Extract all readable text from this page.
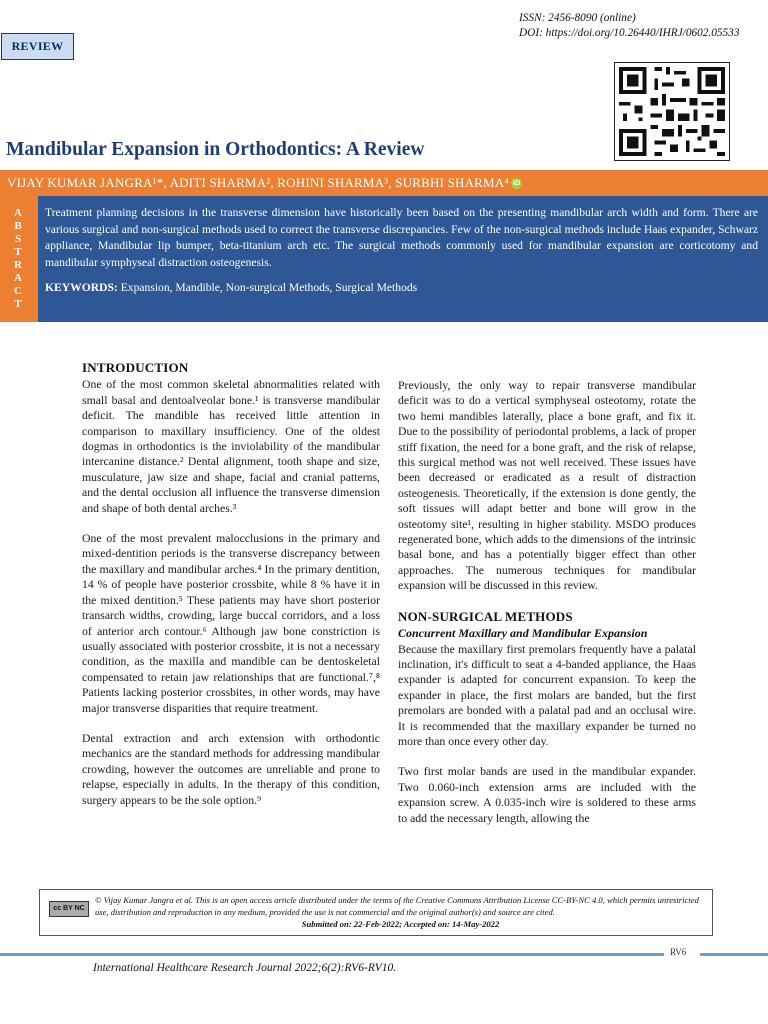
REVIEW
ISSN: 2456-8090 (online)
DOI: https://doi.org/10.26440/IHRJ/0602.05533
Mandibular Expansion in Orthodontics: A Review
VIJAY KUMAR JANGRA¹*, ADITI SHARMA², ROHINI SHARMA³, SURBHI SHARMA⁴ iD
A
B
S
T
R
A
C
T
Treatment planning decisions in the transverse dimension have historically been based on the presenting mandibular arch width and form. There are various surgical and non-surgical methods used to correct the transverse discrepancies. Few of the non-surgical methods include Haas expander, Schwarz appliance, Mandibular lip bumper, beta-titanium arch etc. The surgical methods commonly used for mandibular expansion are corticotomy and mandibular symphyseal distraction osteogenesis.
KEYWORDS: Expansion, Mandible, Non-surgical Methods, Surgical Methods
INTRODUCTION

One of the most common skeletal abnormalities related with small basal and dentoalveolar bone.¹ is transverse mandibular deficit. The mandible has received little attention in comparison to maxillary insufficiency. One of the oldest dogmas in orthodontics is the inviolability of the mandibular intercanine distance.² Dental alignment, tooth shape and size, musculature, jaw size and shape, facial and cranial patterns, and the dental occlusion all influence the transverse dimension and shape of both dental arches.³

One of the most prevalent malocclusions in the primary and mixed-dentition periods is the transverse discrepancy between the maxillary and mandibular arches.⁴ In the primary dentition, 14 % of people have posterior crossbite, while 8 % have it in the mixed dentition.⁵ These patients may have short posterior transarch widths, crowding, large buccal corridors, and a loss of anterior arch contour.⁶ Although jaw bone constriction is usually associated with posterior crossbite, it is not a necessary condition, as the maxilla and mandible can be dentoskeletal compensated to retain jaw relationships that are functional.⁷,⁸ Patients lacking posterior crossbites, in other words, may have major transverse disparities that require treatment.

Dental extraction and arch extension with orthodontic mechanics are the standard methods for addressing mandibular crowding, however the outcomes are unreliable and prone to relapse, especially in adults. In the therapy of this condition, surgery appears to be the sole option.⁹

Previously, the only way to repair transverse mandibular deficit was to do a vertical symphyseal osteotomy, rotate the two hemi mandibles laterally, place a bone graft, and fix it. Due to the possibility of periodontal problems, a lack of proper stiff fixation, the need for a bone graft, and the risk of relapse, this surgical method was not well received. These issues have been decreased or eradicated as a result of distraction osteogenesis. Theoretically, if the extension is done gently, the soft tissues will adapt better and bone will grow in the osteotomy site¹, resulting in higher stability. MSDO produces regenerated bone, which adds to the dimensions of the intrinsic basal bone, and has a potentially bigger effect than other approaches. The numerous techniques for mandibular expansion will be discussed in this review.

NON-SURGICAL METHODS
Concurrent Maxillary and Mandibular Expansion

Because the maxillary first premolars frequently have a palatal inclination, it's difficult to seat a 4-banded appliance, the Haas expander is adapted for concurrent expansion. To keep the expander in place, the first molars are banded, but the first premolars are bonded with a palatal pad and an occlusal wire. It is recommended that the maxillary expander be turned no more than once every other day.

Two first molar bands are used in the mandibular expander. Two 0.060-inch extension arms are included with the expansion screw. A 0.035-inch wire is soldered to these arms to add the necessary length, allowing the

cc BY NC
© Vijay Kumar Jangra et al. This is an open access article distributed under the terms of the Creative Commons Attribution License CC-BY-NC 4.0, which permits unrestricted use, distribution and reproduction in any medium, provided the use is not commercial and the original author(s) and source are cited.
Submitted on: 22-Feb-2022; Accepted on: 14-May-2022
RV6
International Healthcare Research Journal 2022;6(2):RV6-RV10.
